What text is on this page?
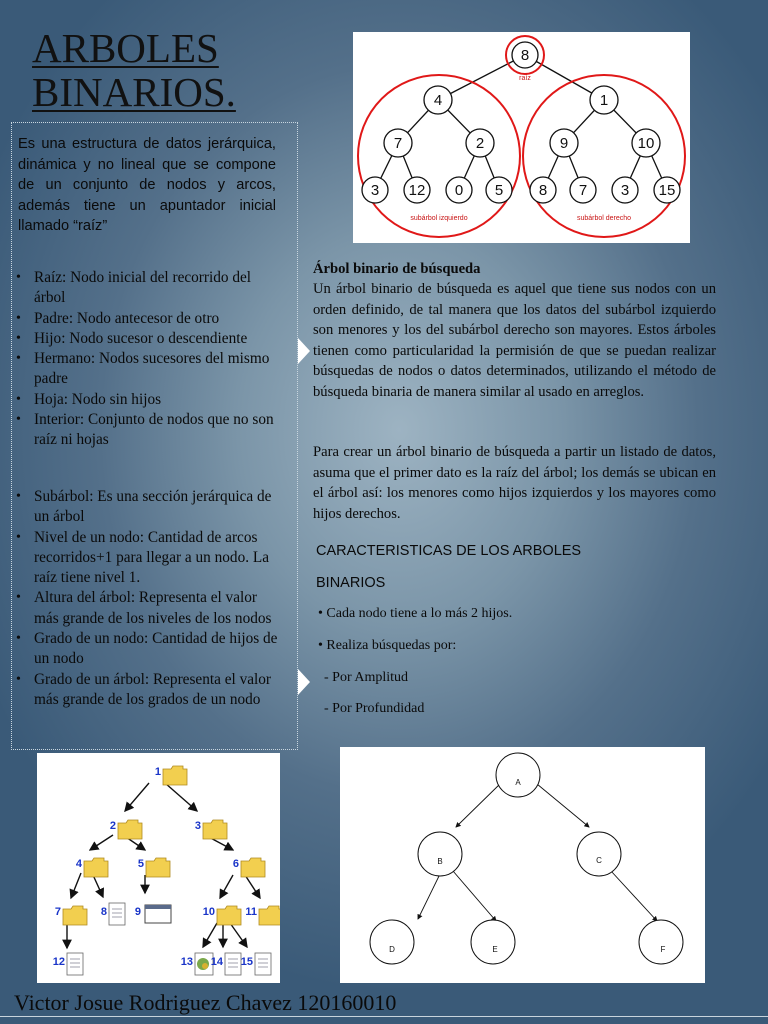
ARBOLES BINARIOS.

Es una estructura de datos jerárquica, dinámica y no lineal que se compone de un conjunto de nodos y arcos, además tiene un apuntador inicial llamado “raíz”

• Raíz: Nodo inicial del recorrido del árbol
• Padre: Nodo antecesor de otro
• Hijo: Nodo sucesor o descendiente
• Hermano: Nodos sucesores del mismo padre
• Hoja: Nodo sin hijos
• Interior: Conjunto de nodos que no son raíz ni hojas
• Subárbol: Es una sección jerárquica de un árbol
• Nivel de un nodo: Cantidad de arcos recorridos+1 para llegar a un nodo. La raíz tiene nivel 1.
• Altura del árbol: Representa el valor más grande de los niveles de los nodos
• Grado de un nodo: Cantidad de hijos de un nodo
• Grado de un árbol: Representa el valor más grande de los grados de un nodo
8
4	1
7	2	9	10
3 12 0 5 8 7 3 15
raíz
subárbol izquierdo	subárbol derecho

Árbol binario de búsqueda

Un árbol binario de búsqueda es aquel que tiene sus nodos con un orden definido, de tal manera que los datos del subárbol izquierdo son menores y los del subárbol derecho son mayores. Estos árboles tienen como particularidad la permisión de que se puedan realizar búsquedas de nodos o datos determinados, utilizando el método de búsqueda binaria de manera similar al usado en arreglos.

Para crear un árbol binario de búsqueda a partir un listado de datos, asuma que el primer dato es la raíz del árbol; los demás se ubican en el árbol así: los menores como hijos izquierdos y los mayores como hijos derechos.

CARACTERISTICAS DE LOS ARBOLES
BINARIOS
• Cada nodo tiene a lo más 2 hijos.
• Realiza búsquedas por:
- Por Amplitud
- Por Profundidad
1
2	3
4	5	6
7	8	9	10	11
12	13 14 15
A
B	C
D	E	F
Victor Josue Rodriguez Chavez 120160010
